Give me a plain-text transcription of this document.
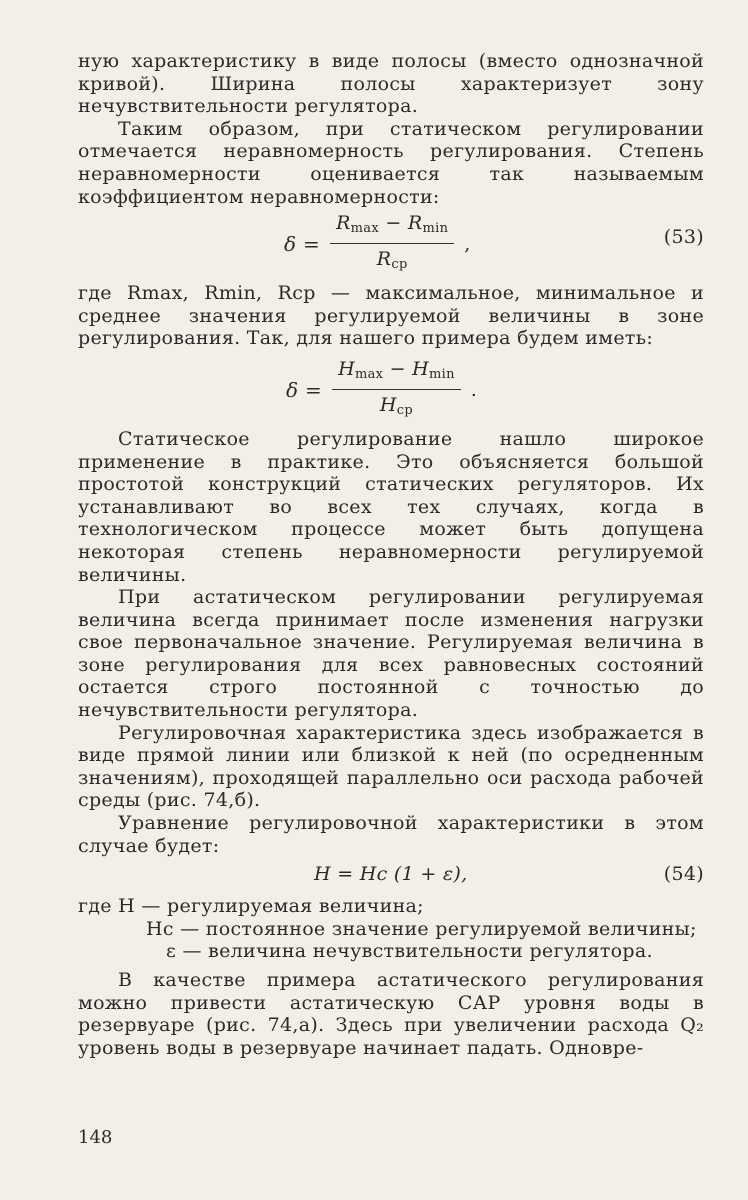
ную характеристику в виде полосы (вместо однозначной кривой). Ширина полосы характеризует зону нечувствительности регулятора.

Таким образом, при статическом регулировании отмечается неравномерность регулирования. Степень неравномерности оценивается так называемым коэффициентом неравномерности:

$\delta = \frac{R_{max} - R_{min}}{R_{ср}}$ ,	(53)

где Rmax, Rmin, Rср — максимальное, минимальное и среднее значения регулируемой величины в зоне регулирования. Так, для нашего примера будем иметь:

$\delta = \frac{H_{max} - H_{min}}{H_{ср}}$ .

Статическое регулирование нашло широкое применение в практике. Это объясняется большой простотой конструкций статических регуляторов. Их устанавливают во всех тех случаях, когда в технологическом процессе может быть допущена некоторая степень неравномерности регулируемой величины.

При астатическом регулировании регулируемая величина всегда принимает после изменения нагрузки свое первоначальное значение. Регулируемая величина в зоне регулирования для всех равновесных состояний остается строго постоянной с точностью до нечувствительности регулятора.

Регулировочная характеристика здесь изображается в виде прямой линии или близкой к ней (по осредненным значениям), проходящей параллельно оси расхода рабочей среды (рис. 74,б).

Уравнение регулировочной характеристики в этом случае будет:

H = Hc (1 + ε),	(54)
где H — регулируемая величина;
Hc — постоянное значение регулируемой величины;
ε — величина нечувствительности регулятора.

В качестве примера астатического регулирования можно привести астатическую САР уровня воды в резервуаре (рис. 74,а). Здесь при увеличении расхода Q₂ уровень воды в резервуаре начинает падать. Одновре-

148
